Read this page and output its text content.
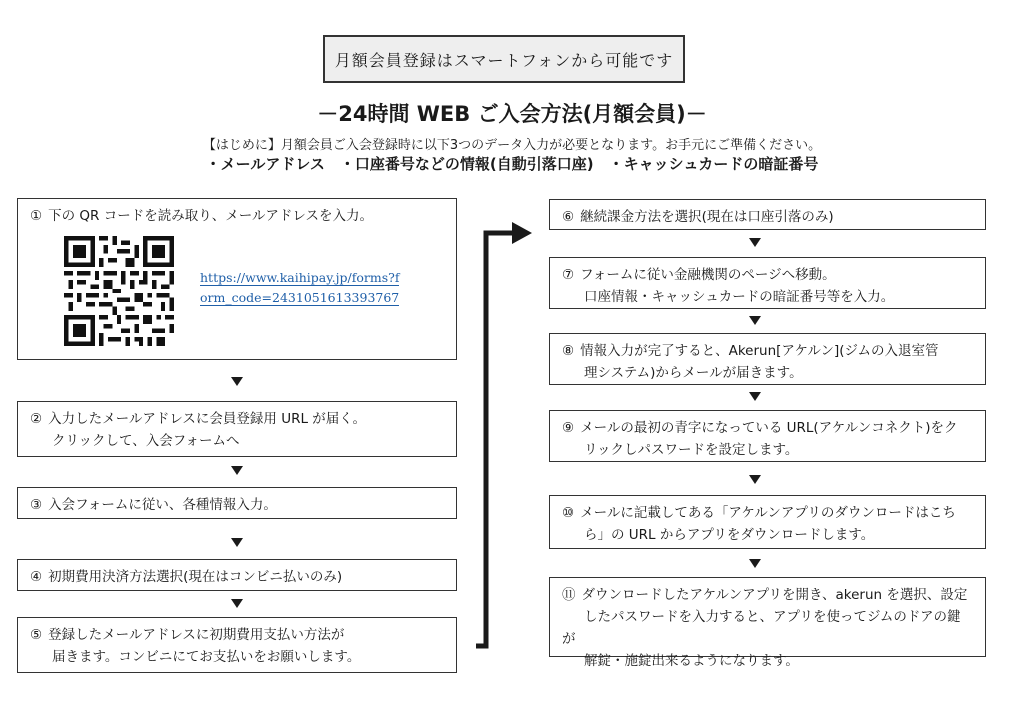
月額会員登録はスマートフォンから可能です
－24時間 WEB ご入会方法(月額会員)－
【はじめに】月額会員ご入会登録時に以下3つのデータ入力が必要となります。お手元にご準備ください。
・メールアドレス　・口座番号などの情報(自動引落口座)　・キャッシュカードの暗証番号
① 下の QR コードを読み取り、メールアドレスを入力。
https://www.kaihipay.jp/forms?f
orm_code=2431051613393767
② 入力したメールアドレスに会員登録用 URL が届く。
クリックして、入会フォームへ
③ 入会フォームに従い、各種情報入力。
④ 初期費用決済方法選択(現在はコンビニ払いのみ)
⑤ 登録したメールアドレスに初期費用支払い方法が
届きます。コンビニにてお支払いをお願いします。
⑥ 継続課金方法を選択(現在は口座引落のみ)
⑦ フォームに従い金融機関のページへ移動。
口座情報・キャッシュカードの暗証番号等を入力。
⑧ 情報入力が完了すると、Akerun[アケルン](ジムの入退室管
理システム)からメールが届きます。
⑨ メールの最初の青字になっている URL(アケルンコネクト)をク
リックしパスワードを設定します。
⑩ メールに記載してある「アケルンアプリのダウンロードはこち
ら」の URL からアプリをダウンロードします。
⑪ ダウンロードしたアケルンアプリを開き、akerun を選択、設定
したパスワードを入力すると、アプリを使ってジムのドアの鍵が
解錠・施錠出来るようになります。
